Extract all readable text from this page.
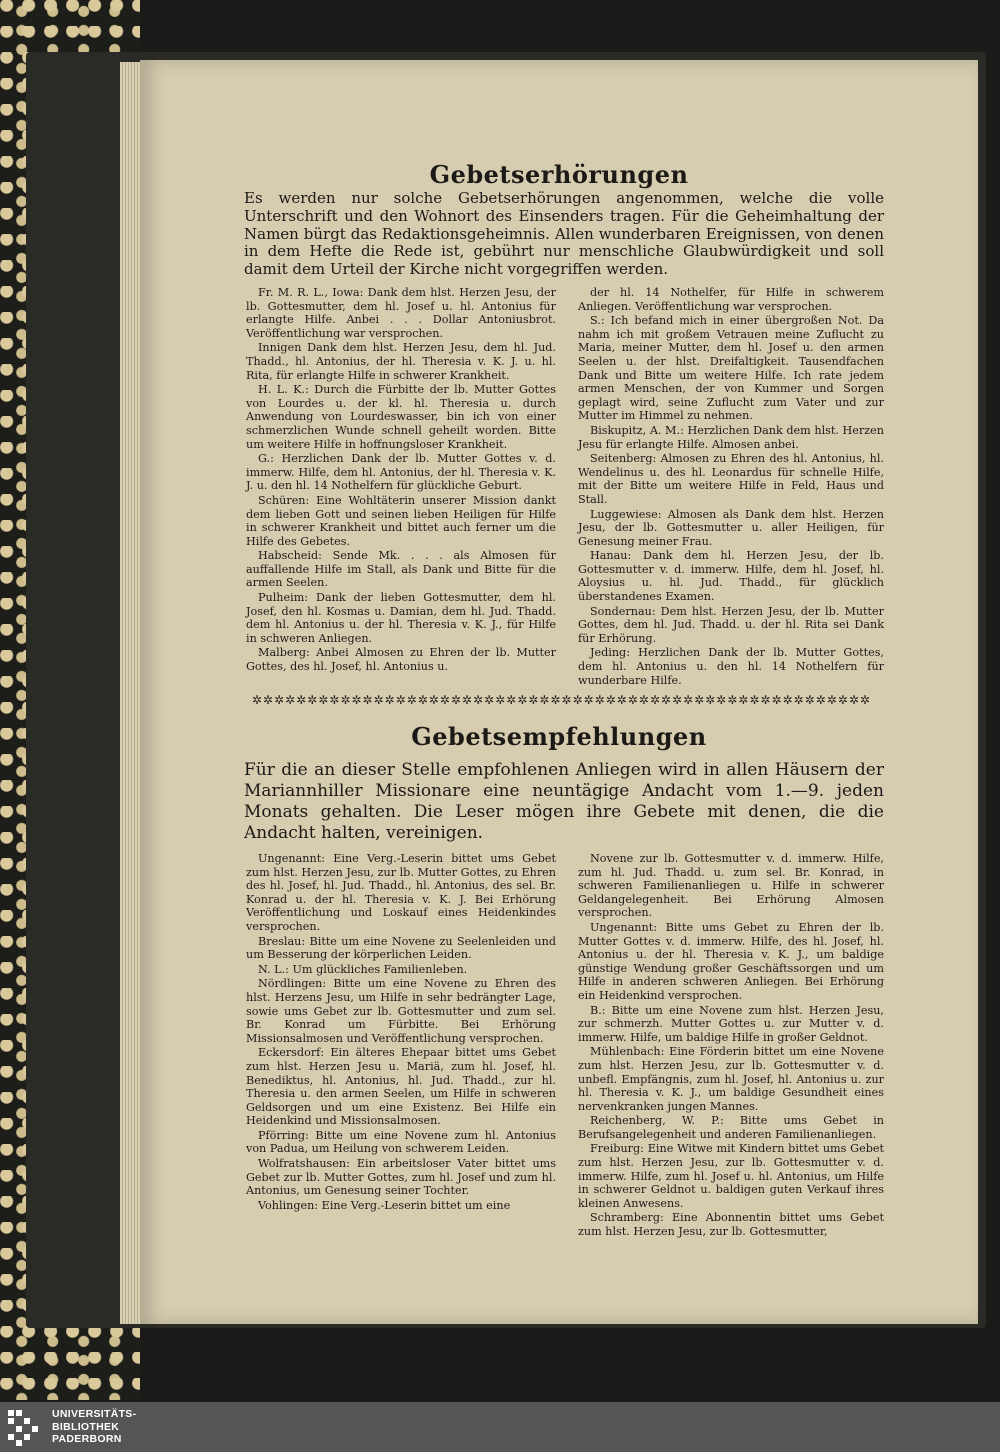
Gebetserhörungen

Es werden nur solche Gebetserhörungen angenommen, welche die volle Unterschrift und den Wohnort des Einsenders tragen. Für die Geheimhaltung der Namen bürgt das Redaktionsgeheimnis. Allen wunderbaren Ereignissen, von denen in dem Hefte die Rede ist, gebührt nur menschliche Glaubwürdigkeit und soll damit dem Urteil der Kirche nicht vorgegriffen werden.

Fr. M. R. L., Iowa: Dank dem hlst. Herzen Jesu, der lb. Gottesmutter, dem hl. Josef u. hl. Antonius für erlangte Hilfe. Anbei . . . Dollar Antoniusbrot. Veröffentlichung war versprochen.

Innigen Dank dem hlst. Herzen Jesu, dem hl. Jud. Thadd., hl. Antonius, der hl. Theresia v. K. J. u. hl. Rita, für erlangte Hilfe in schwerer Krankheit.

H. L. K.: Durch die Fürbitte der lb. Mutter Gottes von Lourdes u. der kl. hl. Theresia u. durch Anwendung von Lourdeswasser, bin ich von einer schmerzlichen Wunde schnell geheilt worden. Bitte um weitere Hilfe in hoffnungsloser Krankheit.

G.: Herzlichen Dank der lb. Mutter Gottes v. d. immerw. Hilfe, dem hl. Antonius, der hl. Theresia v. K. J. u. den hl. 14 Nothelfern für glückliche Geburt.

Schüren: Eine Wohltäterin unserer Mission dankt dem lieben Gott und seinen lieben Heiligen für Hilfe in schwerer Krankheit und bittet auch ferner um die Hilfe des Gebetes.

Habscheid: Sende Mk. . . . als Almosen für auffallende Hilfe im Stall, als Dank und Bitte für die armen Seelen.

Pulheim: Dank der lieben Gottesmutter, dem hl. Josef, den hl. Kosmas u. Damian, dem hl. Jud. Thadd. dem hl. Antonius u. der hl. Theresia v. K. J., für Hilfe in schweren Anliegen.

Malberg: Anbei Almosen zu Ehren der lb. Mutter Gottes, des hl. Josef, hl. Antonius u.

der hl. 14 Nothelfer, für Hilfe in schwerem Anliegen. Veröffentlichung war versprochen.

S.: Ich befand mich in einer übergroßen Not. Da nahm ich mit großem Vetrauen meine Zuflucht zu Maria, meiner Mutter, dem hl. Josef u. den armen Seelen u. der hlst. Dreifaltigkeit. Tausendfachen Dank und Bitte um weitere Hilfe. Ich rate jedem armen Menschen, der von Kummer und Sorgen geplagt wird, seine Zuflucht zum Vater und zur Mutter im Himmel zu nehmen.

Biskupitz, A. M.: Herzlichen Dank dem hlst. Herzen Jesu für erlangte Hilfe. Almosen anbei.

Seitenberg: Almosen zu Ehren des hl. Antonius, hl. Wendelinus u. des hl. Leonardus für schnelle Hilfe, mit der Bitte um weitere Hilfe in Feld, Haus und Stall.

Luggewiese: Almosen als Dank dem hlst. Herzen Jesu, der lb. Gottesmutter u. aller Heiligen, für Genesung meiner Frau.

Hanau: Dank dem hl. Herzen Jesu, der lb. Gottesmutter v. d. immerw. Hilfe, dem hl. Josef, hl. Aloysius u. hl. Jud. Thadd., für glücklich überstandenes Examen.

Sondernau: Dem hlst. Herzen Jesu, der lb. Mutter Gottes, dem hl. Jud. Thadd. u. der hl. Rita sei Dank für Erhörung.

Jeding: Herzlichen Dank der lb. Mutter Gottes, dem hl. Antonius u. den hl. 14 Nothelfern für wunderbare Hilfe.

✲✲✲✲✲✲✲✲✲✲✲✲✲✲✲✲✲✲✲✲✲✲✲✲✲✲✲✲✲✲✲✲✲✲✲✲✲✲✲✲✲✲✲✲✲✲✲✲✲✲✲✲✲✲✲✲
Gebetsempfehlungen

Für die an dieser Stelle empfohlenen Anliegen wird in allen Häusern der Mariannhiller Missionare eine neuntägige Andacht vom 1.—9. jeden Monats gehalten. Die Leser mögen ihre Gebete mit denen, die die Andacht halten, vereinigen.

Ungenannt: Eine Verg.-Leserin bittet ums Gebet zum hlst. Herzen Jesu, zur lb. Mutter Gottes, zu Ehren des hl. Josef, hl. Jud. Thadd., hl. Antonius, des sel. Br. Konrad u. der hl. Theresia v. K. J. Bei Erhörung Veröffentlichung und Loskauf eines Heidenkindes versprochen.

Breslau: Bitte um eine Novene zu Seelenleiden und um Besserung der körperlichen Leiden.

N. L.: Um glückliches Familienleben.

Nördlingen: Bitte um eine Novene zu Ehren des hlst. Herzens Jesu, um Hilfe in sehr bedrängter Lage, sowie ums Gebet zur lb. Gottesmutter und zum sel. Br. Konrad um Fürbitte. Bei Erhörung Missionsalmosen und Veröffentlichung versprochen.

Eckersdorf: Ein älteres Ehepaar bittet ums Gebet zum hlst. Herzen Jesu u. Mariä, zum hl. Josef, hl. Benediktus, hl. Antonius, hl. Jud. Thadd., zur hl. Theresia u. den armen Seelen, um Hilfe in schweren Geldsorgen und um eine Existenz. Bei Hilfe ein Heidenkind und Missionsalmosen.

Pförring: Bitte um eine Novene zum hl. Antonius von Padua, um Heilung von schwerem Leiden.

Wolfratshausen: Ein arbeitsloser Vater bittet ums Gebet zur lb. Mutter Gottes, zum hl. Josef und zum hl. Antonius, um Genesung seiner Tochter.

Vohlingen: Eine Verg.-Leserin bittet um eine

Novene zur lb. Gottesmutter v. d. immerw. Hilfe, zum hl. Jud. Thadd. u. zum sel. Br. Konrad, in schweren Familienanliegen u. Hilfe in schwerer Geldangelegenheit. Bei Erhörung Almosen versprochen.

Ungenannt: Bitte ums Gebet zu Ehren der lb. Mutter Gottes v. d. immerw. Hilfe, des hl. Josef, hl. Antonius u. der hl. Theresia v. K. J., um baldige günstige Wendung großer Geschäftssorgen und um Hilfe in anderen schweren Anliegen. Bei Erhörung ein Heidenkind versprochen.

B.: Bitte um eine Novene zum hlst. Herzen Jesu, zur schmerzh. Mutter Gottes u. zur Mutter v. d. immerw. Hilfe, um baldige Hilfe in großer Geldnot.

Mühlenbach: Eine Förderin bittet um eine Novene zum hlst. Herzen Jesu, zur lb. Gottesmutter v. d. unbefl. Empfängnis, zum hl. Josef, hl. Antonius u. zur hl. Theresia v. K. J., um baldige Gesundheit eines nervenkranken jungen Mannes.

Reichenberg, W. P.: Bitte ums Gebet in Berufsangelegenheit und anderen Familienanliegen.

Freiburg: Eine Witwe mit Kindern bittet ums Gebet zum hlst. Herzen Jesu, zur lb. Gottesmutter v. d. immerw. Hilfe, zum hl. Josef u. hl. Antonius, um Hilfe in schwerer Geldnot u. baldigen guten Verkauf ihres kleinen Anwesens.

Schramberg: Eine Abonnentin bittet ums Gebet zum hlst. Herzen Jesu, zur lb. Gottesmutter,

UNIVERSITÄTS-
BIBLIOTHEK
PADERBORN
